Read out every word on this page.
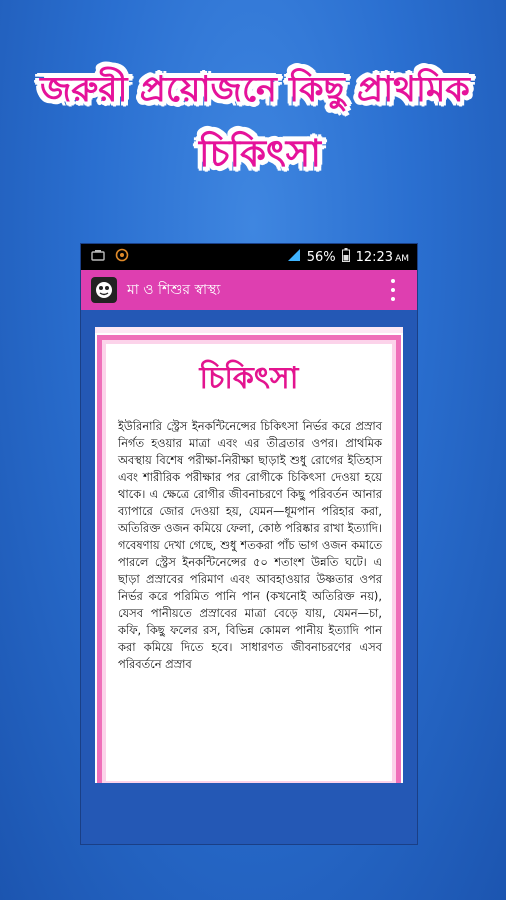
জরুরী প্রয়োজনে কিছু প্রাথমিক
চিকিৎসা
56% 12:23 AM
মা ও শিশুর স্বাস্থ্য
চিকিৎসা
ইউরিনারি স্ট্রেস ইনকন্টিনেন্সের চিকিৎসা নির্ভর করে প্রস্রাব নির্গত হওয়ার মাত্রা এবং এর তীব্রতার ওপর। প্রাথমিক অবস্থায় বিশেষ পরীক্ষা-নিরীক্ষা ছাড়াই শুধু রোগের ইতিহাস এবং শারীরিক পরীক্ষার পর রোগীকে চিকিৎসা দেওয়া হয়ে থাকে। এ ক্ষেত্রে রোগীর জীবনাচরণে কিছু পরিবর্তন আনার ব্যাপারে জোর দেওয়া হয়, যেমন—ধূমপান পরিহার করা, অতিরিক্ত ওজন কমিয়ে ফেলা, কোষ্ঠ পরিষ্কার রাখা ইত্যাদি। গবেষণায় দেখা গেছে, শুধু শতকরা পাঁচ ভাগ ওজন কমাতে পারলে স্ট্রেস ইনকন্টিনেন্সের ৫০ শতাংশ উন্নতি ঘটে। এ ছাড়া প্রস্রাবের পরিমাণ এবং আবহাওয়ার উষ্ণতার ওপর নির্ভর করে পরিমিত পানি পান (কখনোই অতিরিক্ত নয়), যেসব পানীয়তে প্রস্রাবের মাত্রা বেড়ে যায়, যেমন—চা, কফি, কিছু ফলের রস, বিভিন্ন কোমল পানীয় ইত্যাদি পান করা কমিয়ে দিতে হবে। সাধারণত জীবনাচরণের এসব পরিবর্তনে প্রস্রাব
